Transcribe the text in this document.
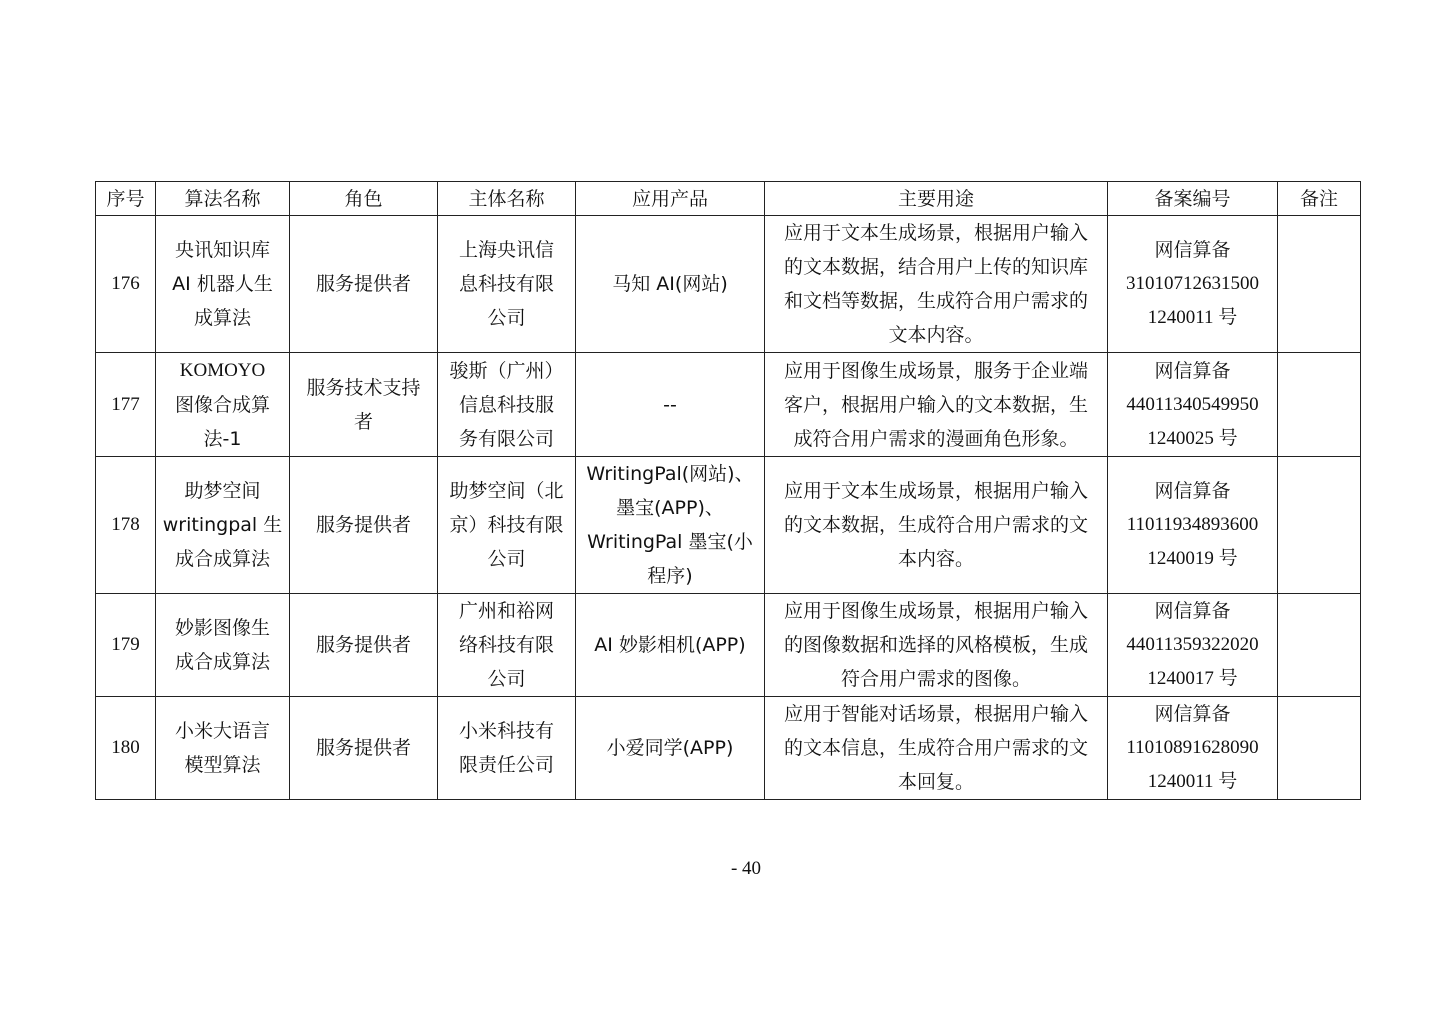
序号	算法名称	角色	主体名称	应用产品	主要用途	备案编号	备注
176	央讯知识库
AI 机器人生
成算法	服务提供者	上海央讯信
息科技有限
公司	马知 AI(网站)	应用于文本生成场景，根据用户输入
的文本数据，结合用户上传的知识库
和文档等数据，生成符合用户需求的
文本内容。	网信算备
31010712631500
1240011 号	

177	KOMOYO
图像合成算
法-1	服务技术支持
者	骏斯（广州）
信息科技服
务有限公司	--	应用于图像生成场景，服务于企业端
客户，根据用户输入的文本数据，生
成符合用户需求的漫画角色形象。	网信算备
44011340549950
1240025 号	

178	助梦空间
writingpal 生
成合成算法	服务提供者	助梦空间（北
京）科技有限
公司	WritingPal(网站)、
墨宝(APP)、
WritingPal 墨宝(小
程序)	应用于文本生成场景，根据用户输入
的文本数据，生成符合用户需求的文
本内容。	网信算备
11011934893600
1240019 号	

179	妙影图像生
成合成算法	服务提供者	广州和裕网
络科技有限
公司	AI 妙影相机(APP)	应用于图像生成场景，根据用户输入
的图像数据和选择的风格模板，生成
符合用户需求的图像。	网信算备
44011359322020
1240017 号	

180	小米大语言
模型算法	服务提供者	小米科技有
限责任公司	小爱同学(APP)	应用于智能对话场景，根据用户输入
的文本信息，生成符合用户需求的文
本回复。	网信算备
11010891628090
1240011 号	

- 40
